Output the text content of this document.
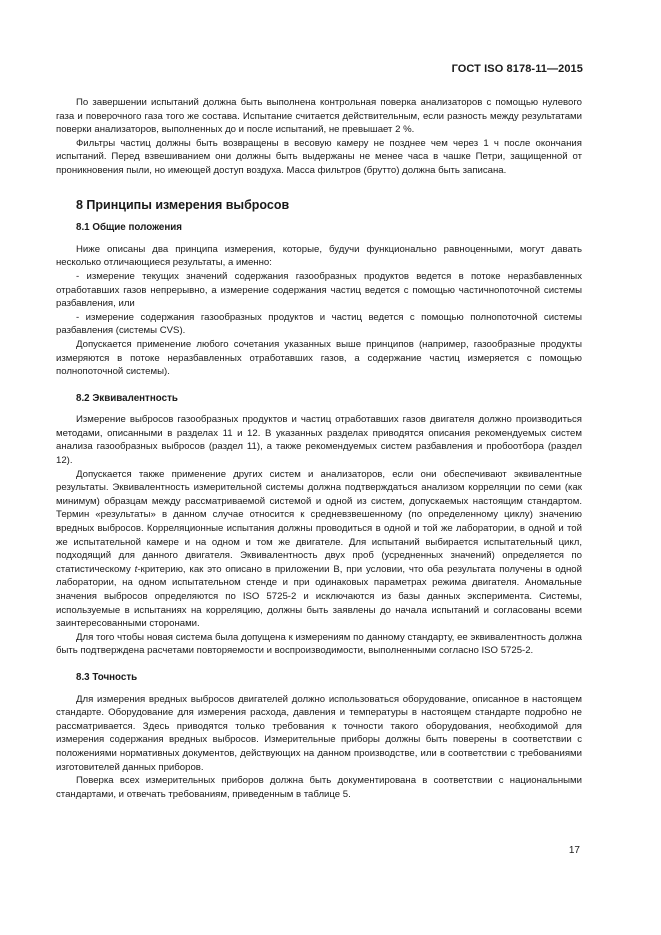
ГОСТ ISO 8178-11—2015

По завершении испытаний должна быть выполнена контрольная поверка анализаторов с помощью нулевого газа и поверочного газа того же состава. Испытание считается действительным, если разность между результатами поверки анализаторов, выполненных до и после испытаний, не превышает 2 %.

Фильтры частиц должны быть возвращены в весовую камеру не позднее чем через 1 ч после окончания испытаний. Перед взвешиванием они должны быть выдержаны не менее часа в чашке Петри, защищенной от проникновения пыли, но имеющей доступ воздуха. Масса фильтров (брутто) должна быть записана.

8 Принципы измерения выбросов
8.1 Общие положения

Ниже описаны два принципа измерения, которые, будучи функционально равноценными, могут давать несколько отличающиеся результаты, а именно:

- измерение текущих значений содержания газообразных продуктов ведется в потоке неразбавленных отработавших газов непрерывно, а измерение содержания частиц ведется с помощью частичнопоточной системы разбавления, или

- измерение содержания газообразных продуктов и частиц ведется с помощью полнопоточной системы разбавления (системы CVS).

Допускается применение любого сочетания указанных выше принципов (например, газообразные продукты измеряются в потоке неразбавленных отработавших газов, а содержание частиц измеряется с помощью полнопоточной системы).

8.2 Эквивалентность

Измерение выбросов газообразных продуктов и частиц отработавших газов двигателя должно производиться методами, описанными в разделах 11 и 12. В указанных разделах приводятся описания рекомендуемых систем анализа газообразных выбросов (раздел 11), а также рекомендуемых систем разбавления и пробоотбора (раздел 12).

Допускается также применение других систем и анализаторов, если они обеспечивают эквивалентные результаты. Эквивалентность измерительной системы должна подтверждаться анализом корреляции по семи (как минимум) образцам между рассматриваемой системой и одной из систем, допускаемых настоящим стандартом. Термин «результаты» в данном случае относится к средневзвешенному (по определенному циклу) значению вредных выбросов. Корреляционные испытания должны проводиться в одной и той же лаборатории, в одной и той же испытательной камере и на одном и том же двигателе. Для испытаний выбирается испытательный цикл, подходящий для данного двигателя. Эквивалентность двух проб (усредненных значений) определяется по статистическому t-критерию, как это описано в приложении В, при условии, что оба результата получены в одной лаборатории, на одном испытательном стенде и при одинаковых параметрах режима двигателя. Аномальные значения выбросов определяются по ISO 5725-2 и исключаются из базы данных эксперимента. Системы, используемые в испытаниях на корреляцию, должны быть заявлены до начала испытаний и согласованы всеми заинтересованными сторонами.

Для того чтобы новая система была допущена к измерениям по данному стандарту, ее эквивалентность должна быть подтверждена расчетами повторяемости и воспроизводимости, выполненными согласно ISO 5725-2.

8.3 Точность

Для измерения вредных выбросов двигателей должно использоваться оборудование, описанное в настоящем стандарте. Оборудование для измерения расхода, давления и температуры в настоящем стандарте подробно не рассматривается. Здесь приводятся только требования к точности такого оборудования, необходимой для измерения содержания вредных выбросов. Измерительные приборы должны быть поверены в соответствии с положениями нормативных документов, действующих на данном производстве, или в соответствии с требованиями изготовителей данных приборов.

Поверка всех измерительных приборов должна быть документирована в соответствии с национальными стандартами, и отвечать требованиям, приведенным в таблице 5.

17
